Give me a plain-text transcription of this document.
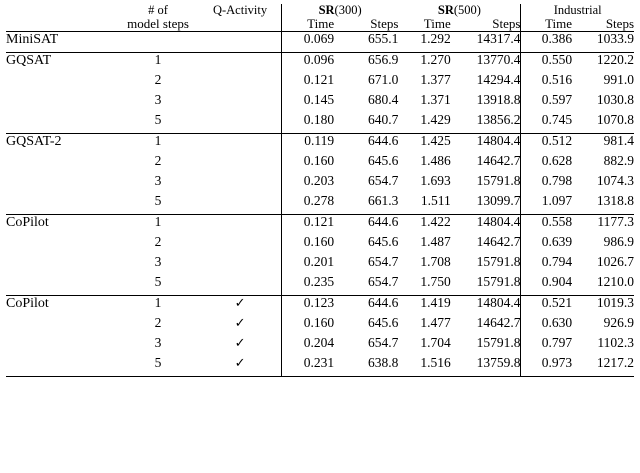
	# of	Q-Activity	SR(300)		SR(500)		Industrial	
	model steps		Time	Steps	Time	Steps	Time	Steps

MiniSAT			0.069	655.1	1.292	14317.4	0.386	1033.9

GQSAT	1		0.096	656.9	1.270	13770.4	0.550	1220.2
	2		0.121	671.0	1.377	14294.4	0.516	991.0
	3		0.145	680.4	1.371	13918.8	0.597	1030.8
	5		0.180	640.7	1.429	13856.2	0.745	1070.8

GQSAT-2	1		0.119	644.6	1.425	14804.4	0.512	981.4
	2		0.160	645.6	1.486	14642.7	0.628	882.9
	3		0.203	654.7	1.693	15791.8	0.798	1074.3
	5		0.278	661.3	1.511	13099.7	1.097	1318.8

CoPilot	1		0.121	644.6	1.422	14804.4	0.558	1177.3
	2		0.160	645.6	1.487	14642.7	0.639	986.9
	3		0.201	654.7	1.708	15791.8	0.794	1026.7
	5		0.235	654.7	1.750	15791.8	0.904	1210.0

CoPilot	1	✓	0.123	644.6	1.419	14804.4	0.521	1019.3
	2	✓	0.160	645.6	1.477	14642.7	0.630	926.9
	3	✓	0.204	654.7	1.704	15791.8	0.797	1102.3
	5	✓	0.231	638.8	1.516	13759.8	0.973	1217.2
